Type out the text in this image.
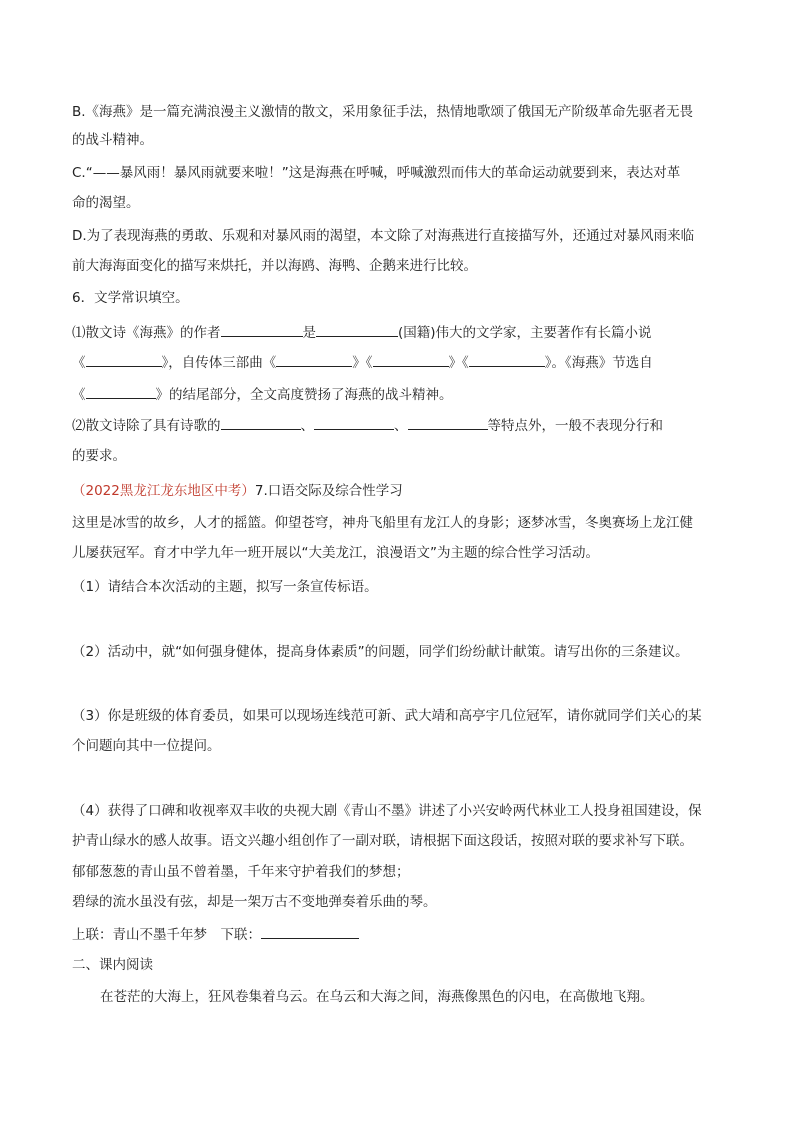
B.《海燕》是一篇充满浪漫主义激情的散文，采用象征手法，热情地歌颂了俄国无产阶级革命先驱者无畏
的战斗精神。
C.“——暴风雨！暴风雨就要来啦！”这是海燕在呼喊，呼喊激烈而伟大的革命运动就要到来，表达对革
命的渴望。
D.为了表现海燕的勇敢、乐观和对暴风雨的渴望，本文除了对海燕进行直接描写外，还通过对暴风雨来临
前大海海面变化的描写来烘托，并以海鸥、海鸭、企鹅来进行比较。
6．文学常识填空。
⑴散文诗《海燕》的作者	是	(国籍)伟大的文学家，主要著作有长篇小说
《	》，自传体三部曲《	》《	》《	》。《海燕》节选自
《	》的结尾部分，全文高度赞扬了海燕的战斗精神。
⑵散文诗除了具有诗歌的	、	、	等特点外，一般不表现分行和
的要求。
（2022黑龙江龙东地区中考）7.口语交际及综合性学习
这里是冰雪的故乡，人才的摇篮。仰望苍穹，神舟飞船里有龙江人的身影；逐梦冰雪，冬奥赛场上龙江健
儿屡获冠军。育才中学九年一班开展以“大美龙江，浪漫语文”为主题的综合性学习活动。
（1）请结合本次活动的主题，拟写一条宣传标语。
（2）活动中，就“如何强身健体，提高身体素质”的问题，同学们纷纷献计献策。请写出你的三条建议。
（3）你是班级的体育委员，如果可以现场连线范可新、武大靖和高亭宇几位冠军，请你就同学们关心的某
个问题向其中一位提问。
（4）获得了口碑和收视率双丰收的央视大剧《青山不墨》讲述了小兴安岭两代林业工人投身祖国建设，保
护青山绿水的感人故事。语文兴趣小组创作了一副对联，请根据下面这段话，按照对联的要求补写下联。
郁郁葱葱的青山虽不曾着墨，千年来守护着我们的梦想；
碧绿的流水虽没有弦，却是一架万古不变地弹奏着乐曲的琴。
上联：青山不墨千年梦　下联：
二、课内阅读
在苍茫的大海上，狂风卷集着乌云。在乌云和大海之间，海燕像黑色的闪电，在高傲地飞翔。
